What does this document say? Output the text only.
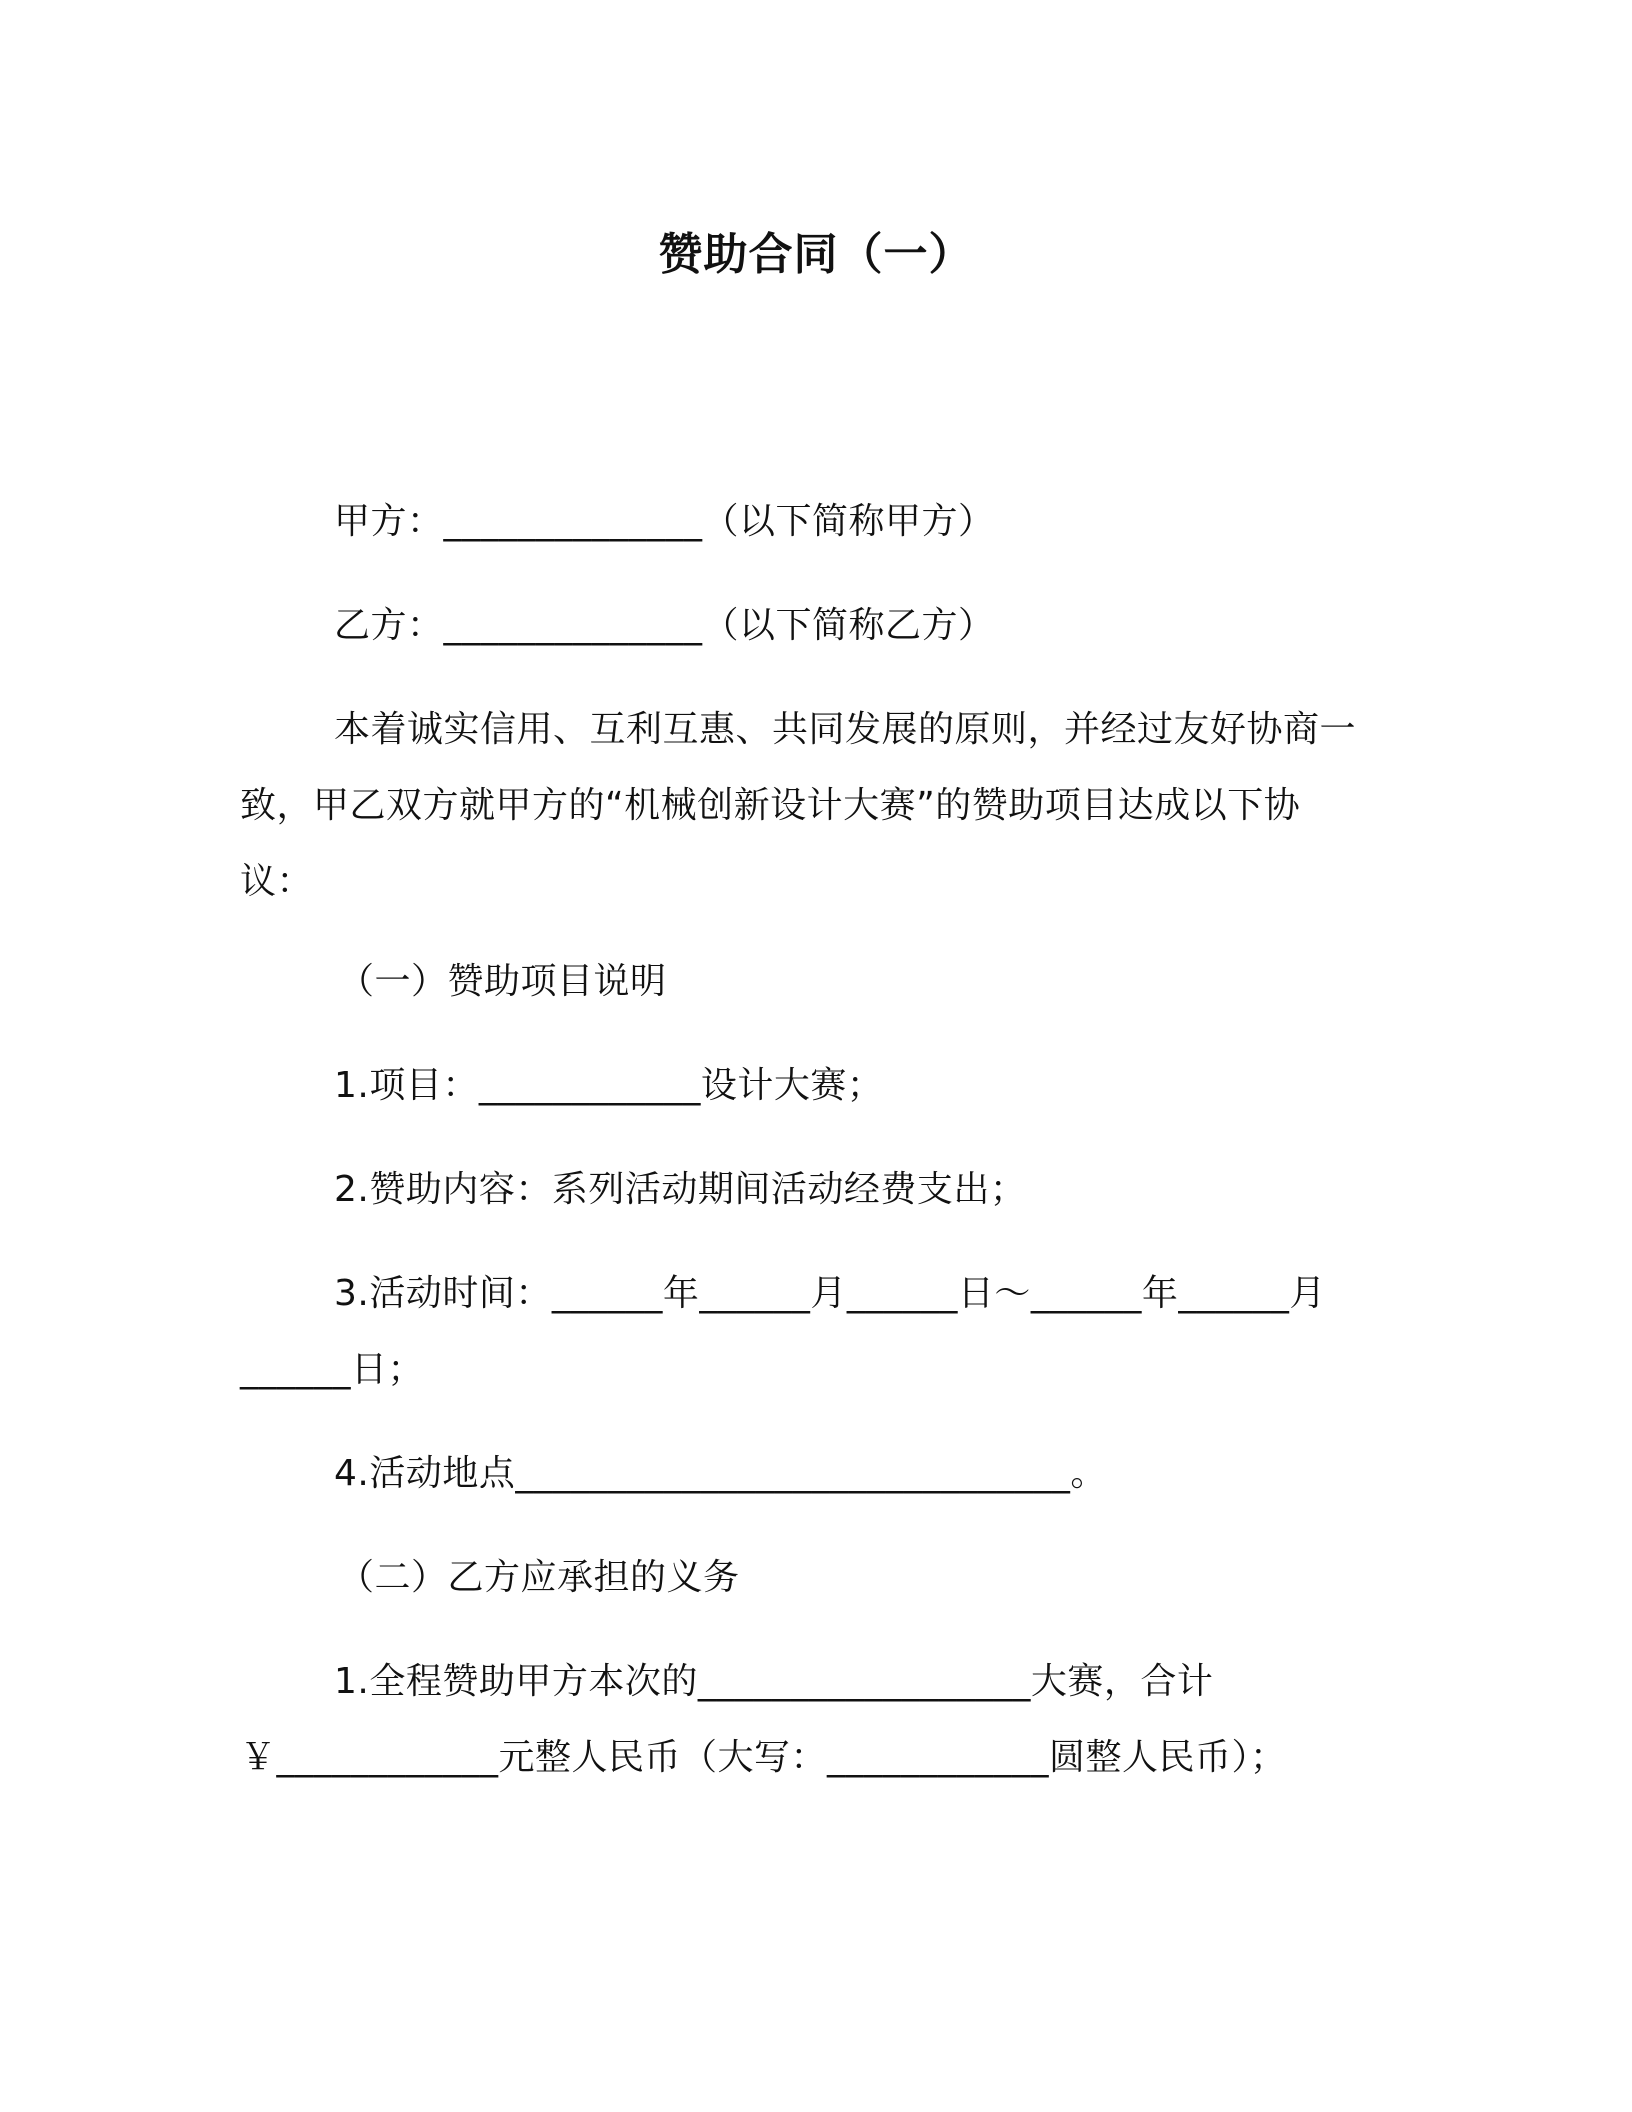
赞助合同（一）
甲方：______________（以下简称甲方）
乙方：______________（以下简称乙方）
本着诚实信用、互利互惠、共同发展的原则，并经过友好协商一
致，甲乙双方就甲方的“机械创新设计大赛”的赞助项目达成以下协
议：
（一）赞助项目说明
1.项目：____________设计大赛；
2.赞助内容：系列活动期间活动经费支出；
3.活动时间：______年______月______日～______年______月
______日；
4.活动地点______________________________。
（二）乙方应承担的义务
1.全程赞助甲方本次的__________________大赛，合计
￥____________元整人民币（大写：____________圆整人民币）；
